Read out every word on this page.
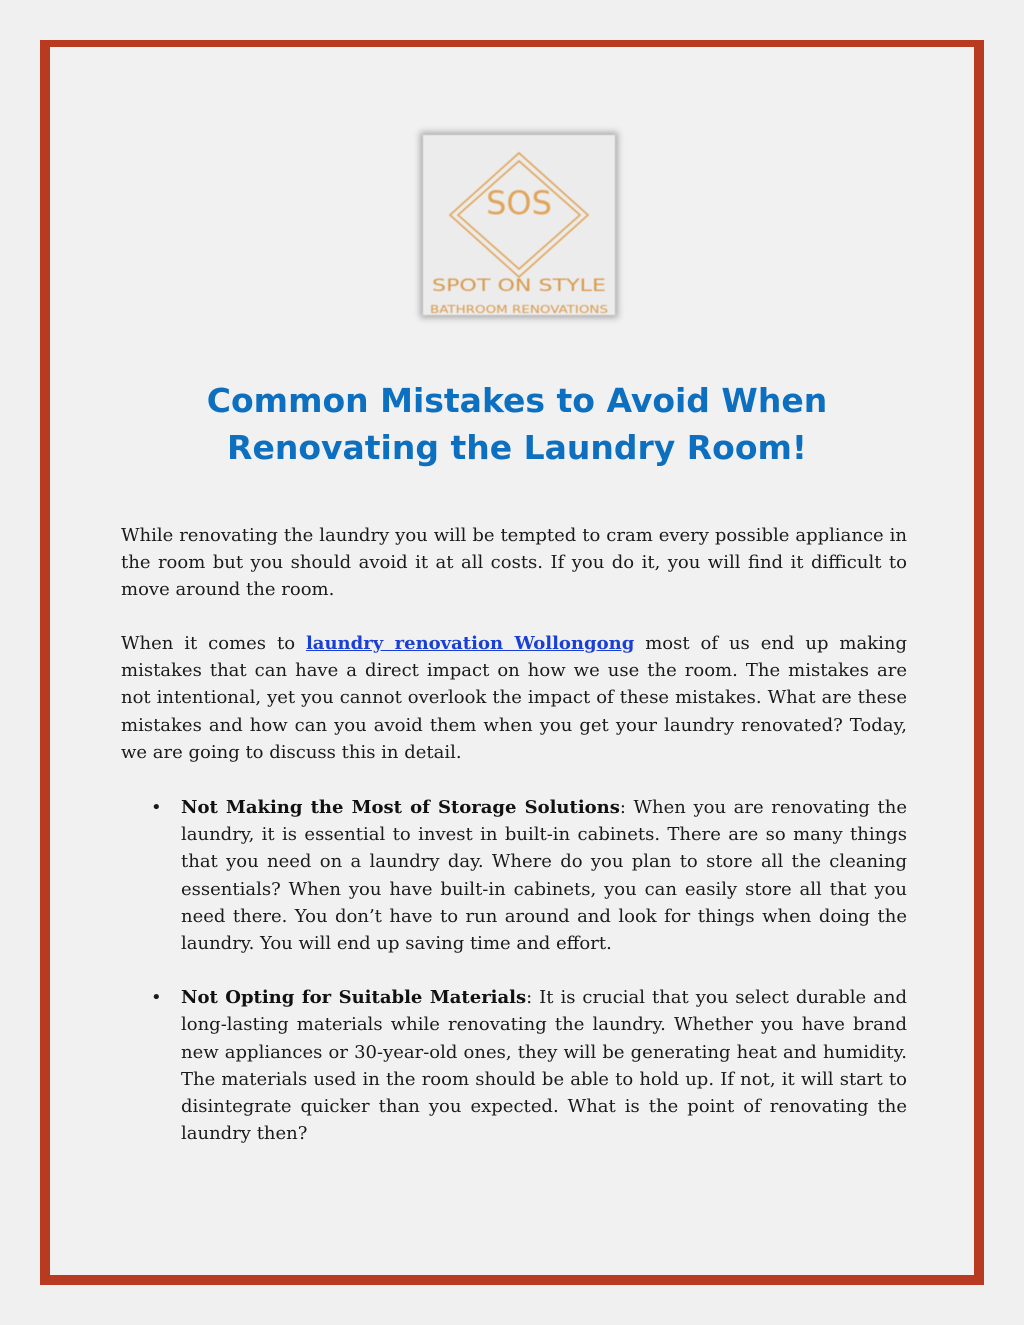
SOS
SPOT ON STYLE
BATHROOM RENOVATIONS
Common Mistakes to Avoid When Renovating the Laundry Room!

While renovating the laundry you will be tempted to cram every possible appliance in the room but you should avoid it at all costs. If you do it, you will find it difficult to move around the room.

When it comes to laundry renovation Wollongong most of us end up making mistakes that can have a direct impact on how we use the room. The mistakes are not intentional, yet you cannot overlook the impact of these mistakes. What are these mistakes and how can you avoid them when you get your laundry renovated? Today, we are going to discuss this in detail.

• Not Making the Most of Storage Solutions: When you are renovating the laundry, it is essential to invest in built-in cabinets. There are so many things that you need on a laundry day. Where do you plan to store all the cleaning essentials? When you have built-in cabinets, you can easily store all that you need there. You don’t have to run around and look for things when doing the laundry. You will end up saving time and effort.
• Not Opting for Suitable Materials: It is crucial that you select durable and long-lasting materials while renovating the laundry. Whether you have brand new appliances or 30-year-old ones, they will be generating heat and humidity. The materials used in the room should be able to hold up. If not, it will start to disintegrate quicker than you expected. What is the point of renovating the laundry then?
